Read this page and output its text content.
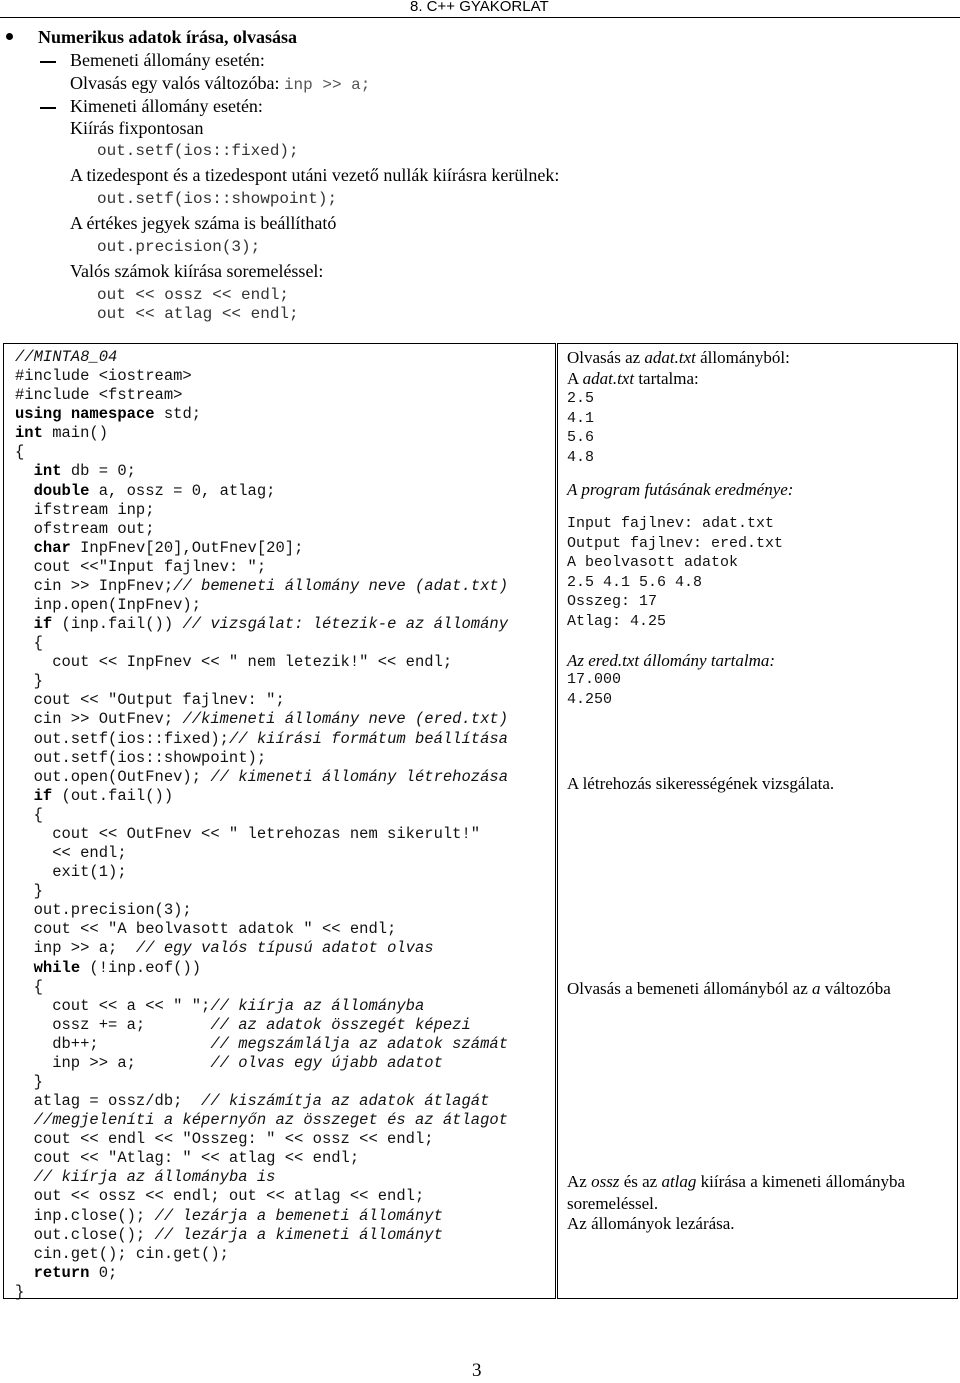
8. C++ GYAKORLAT
Numerikus adatok írása, olvasása
Bemeneti állomány esetén:
Olvasás egy valós változóba: inp >> a;
Kimeneti állomány esetén:
Kiírás fixpontosan
out.setf(ios::fixed);
A tizedespont és a tizedespont utáni vezető nullák kiírásra kerülnek:
out.setf(ios::showpoint);
A értékes jegyek száma is beállítható
out.precision(3);
Valós számok kiírása soremeléssel:
out << ossz << endl;
out << atlag << endl;
//MINTA8_04
#include <iostream>
#include <fstream>
using namespace std;
int main()
{
int db = 0;
double a, ossz = 0, atlag;
ifstream inp;
ofstream out;
char InpFnev[20],OutFnev[20];
cout <<"Input fajlnev: ";
cin >> InpFnev;// bemeneti állomány neve (adat.txt)
inp.open(InpFnev);
if (inp.fail()) // vizsgálat: létezik-e az állomány
{
cout << InpFnev << " nem letezik!" << endl;
}
cout << "Output fajlnev: ";
cin >> OutFnev; //kimeneti állomány neve (ered.txt)
out.setf(ios::fixed);// kiírási formátum beállítása
out.setf(ios::showpoint);
out.open(OutFnev); // kimeneti állomány létrehozása
if (out.fail())
{
cout << OutFnev << " letrehozas nem sikerult!"
<< endl;
exit(1);
}
out.precision(3);
cout << "A beolvasott adatok " << endl;
inp >> a;  // egy valós típusú adatot olvas
while (!inp.eof())
{
cout << a << " ";// kiírja az állományba
ossz += a;       // az adatok összegét képezi
db++;            // megszámlálja az adatok számát
inp >> a;        // olvas egy újabb adatot
}
atlag = ossz/db;  // kiszámítja az adatok átlagát
//megjeleníti a képernyőn az összeget és az átlagot
cout << endl << "Osszeg: " << ossz << endl;
cout << "Atlag: " << atlag << endl;
// kiírja az állományba is
out << ossz << endl; out << atlag << endl;
inp.close(); // lezárja a bemeneti állományt
out.close(); // lezárja a kimeneti állományt
cin.get(); cin.get();
return 0;
}
Olvasás az adat.txt állományból:
A adat.txt tartalma:
2.5
4.1
5.6
4.8
A program futásának eredménye:
Input fajlnev: adat.txt
Output fajlnev: ered.txt
A beolvasott adatok
2.5 4.1 5.6 4.8
Osszeg: 17
Atlag: 4.25
Az ered.txt állomány tartalma:
17.000
4.250
A létrehozás sikerességének vizsgálata.
Olvasás a bemeneti állományból az a változóba
Az ossz és az atlag kiírása a kimeneti állományba soremeléssel.
Az állományok lezárása.
3
